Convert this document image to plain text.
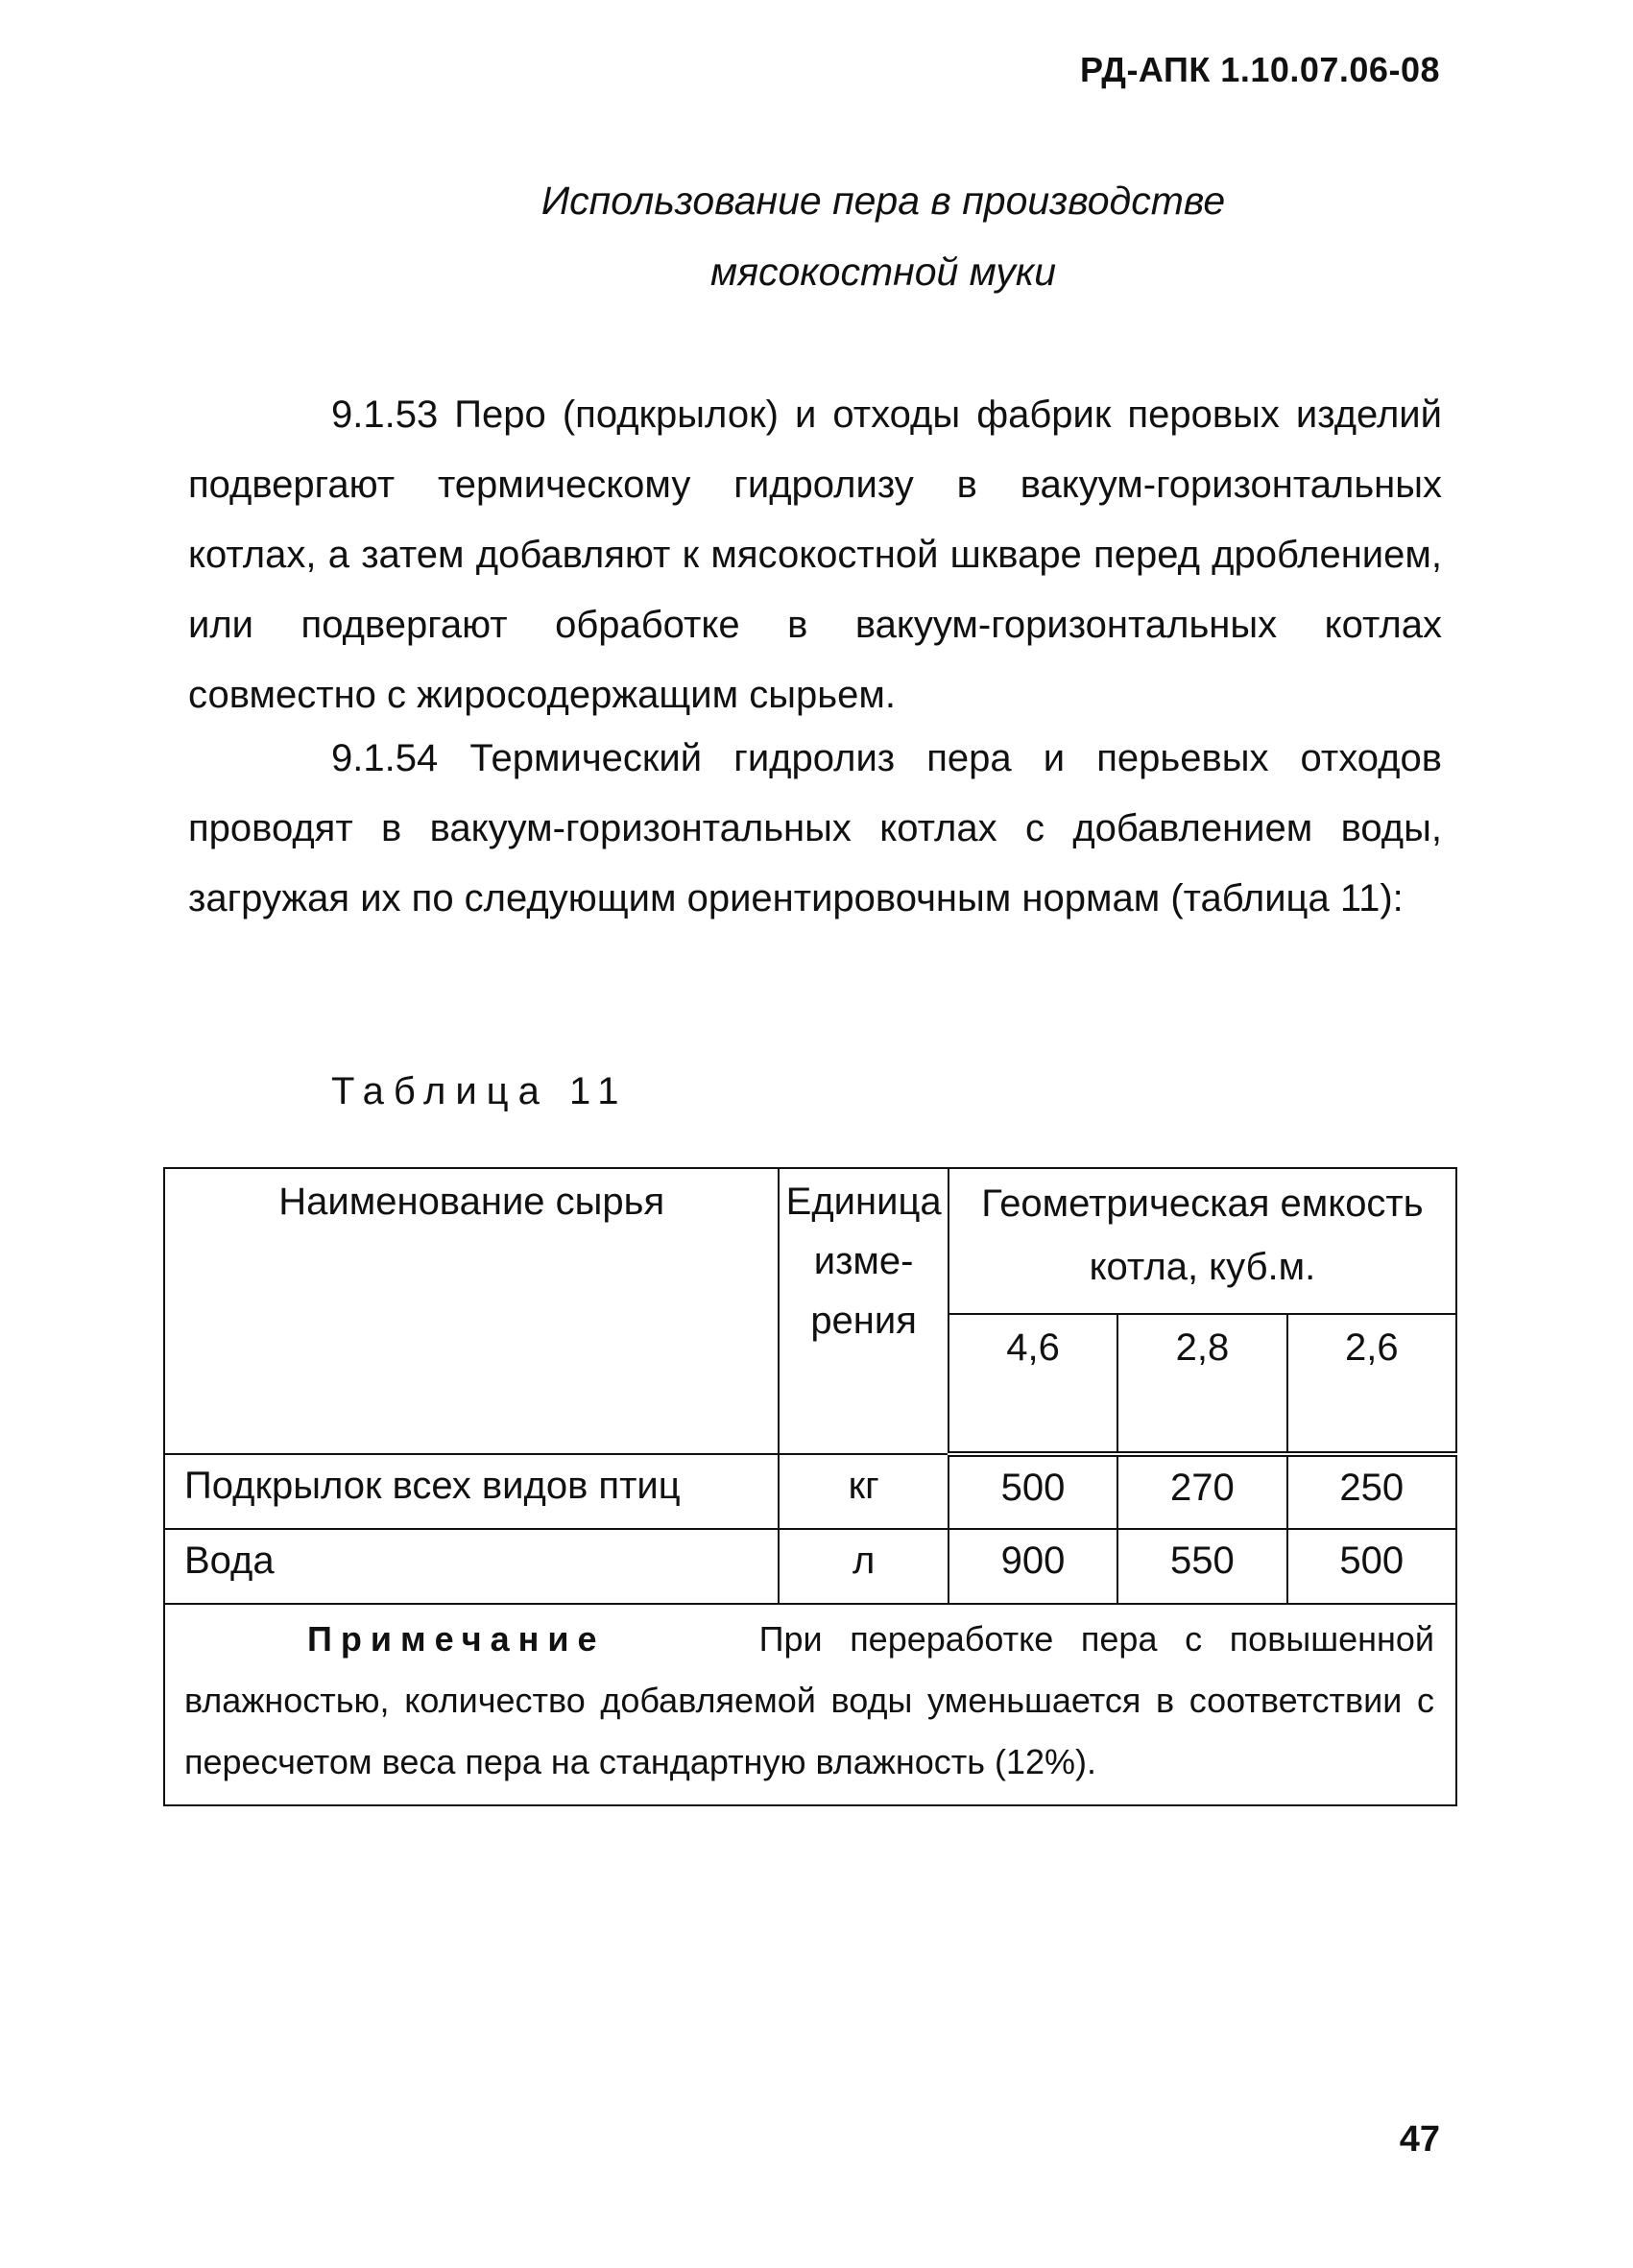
РД-АПК 1.10.07.06-08
Использование пера в производстве
мясокостной муки

9.1.53 Перо (подкрылок) и отходы фабрик перовых изделий подвергают термическому гидролизу в вакуум-горизонтальных котлах, а затем добавляют к мясокостной шкваре перед дроблением, или подвергают обработке в вакуум-горизонтальных котлах совместно с жиросодержащим сырьем.

9.1.54 Термический гидролиз пера и перьевых отходов проводят в вакуум-горизонтальных котлах с добавлением воды, загружая их по следующим ориентировочным нормам (таблица 11):

Таблица 11
Наименование сырья	Единица измерения	Геометрическая емкость котла, куб.м.		
		4,6	2,8	2,6
Подкрылок всех видов птиц	кг	500	270	250
Вода	л	900	550	500
Примечание При переработке пера с повышенной влажностью, количество добавляемой воды уменьшается в соответствии с пересчетом веса пера на стандартную влажность (12%).				
47
